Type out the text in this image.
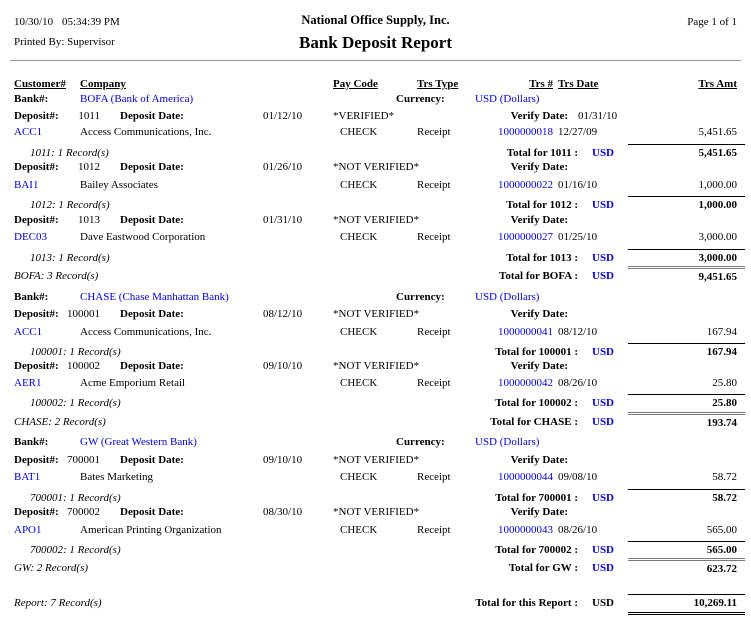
10/30/10 05:34:39 PM	National Office Supply, Inc.	Page 1 of 1
Printed By: Supervisor	Bank Deposit Report
Customer# Company	Pay Code	Trs Type	Trs # Trs Date	Trs Amt
Bank#:	BOFA (Bank of America)	Currency:	USD (Dollars)
Deposit#:	1011 Deposit Date:	01/12/10	*VERIFIED*	Verify Date: 01/31/10
ACC1	Access Communications, Inc.	CHECK	Receipt	1000000018 12/27/09	5,451.65
1011: 1 Record(s)	Total for 1011 : USD	5,451.65
Deposit#:	1012 Deposit Date:	01/26/10	*NOT VERIFIED*	Verify Date:
BAI1	Bailey Associates	CHECK	Receipt	1000000022 01/16/10	1,000.00
1012: 1 Record(s)	Total for 1012 : USD	1,000.00
Deposit#:	1013 Deposit Date:	01/31/10	*NOT VERIFIED*	Verify Date:
DEC03	Dave Eastwood Corporation	CHECK	Receipt	1000000027 01/25/10	3,000.00
1013: 1 Record(s)	Total for 1013 : USD	3,000.00
BOFA: 3 Record(s)	Total for BOFA : USD	9,451.65
Bank#:	CHASE (Chase Manhattan Bank)	Currency:	USD (Dollars)
Deposit#: 100001 Deposit Date:	08/12/10	*NOT VERIFIED*	Verify Date:
ACC1	Access Communications, Inc.	CHECK	Receipt	1000000041 08/12/10	167.94
100001: 1 Record(s)	Total for 100001 : USD	167.94
Deposit#: 100002 Deposit Date:	09/10/10	*NOT VERIFIED*	Verify Date:
AER1	Acme Emporium Retail	CHECK	Receipt	1000000042 08/26/10	25.80
100002: 1 Record(s)	Total for 100002 : USD	25.80
CHASE: 2 Record(s)	Total for CHASE : USD	193.74
Bank#:	GW (Great Western Bank)	Currency:	USD (Dollars)
Deposit#: 700001 Deposit Date:	09/10/10	*NOT VERIFIED*	Verify Date:
BAT1	Bates Marketing	CHECK	Receipt	1000000044 09/08/10	58.72
700001: 1 Record(s)	Total for 700001 : USD	58.72
Deposit#: 700002 Deposit Date:	08/30/10	*NOT VERIFIED*	Verify Date:
APO1	American Printing Organization	CHECK	Receipt	1000000043 08/26/10	565.00
700002: 1 Record(s)	Total for 700002 : USD	565.00
GW: 2 Record(s)	Total for GW : USD	623.72
Report: 7 Record(s)	Total for this Report : USD	10,269.11
